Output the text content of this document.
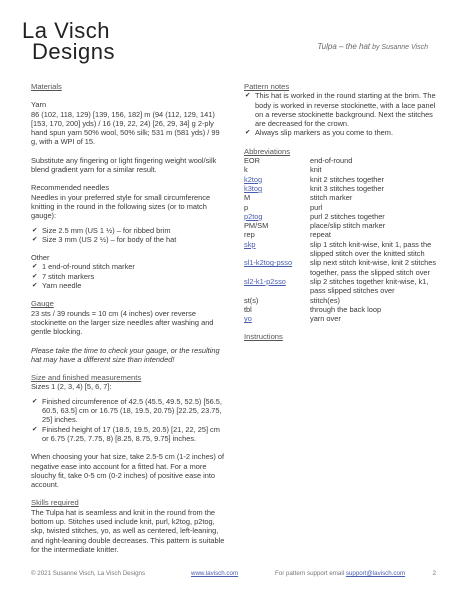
La Visch
Designs	Tulpa – the hat by Susanne Visch

Materials

Yarn

86 (102, 118, 129) [139, 156, 182] m (94 (112, 129, 141) [153, 170, 200] yds) / 16 (19, 22, 24) [26, 29, 34] g 2-ply hand spun yarn 50% wool, 50% silk; 531 m (581 yds) / 99 g, with a WPI of 15.

Substitute any fingering or light fingering weight wool/silk blend gradient yarn for a similar result.

Recommended needles

Needles in your preferred style for small circumference knitting in the round in the following sizes (or to match gauge):

✔ Size 2.5 mm (US 1 ½) – for ribbed brim
✔ Size 3 mm (US 2 ½) – for body of the hat

Other

✔ 1 end-of-round stitch marker
✔ 7 stitch markers
✔ Yarn needle

Gauge

23 sts / 39 rounds = 10 cm (4 inches) over reverse stockinette on the larger size needles after washing and gentle blocking.

Please take the time to check your gauge, or the resulting hat may have a different size than intended!

Size and finished measurements

Sizes 1 (2, 3, 4) [5, 6, 7]:

✔ Finished circumference of 42.5 (45.5, 49.5, 52.5) [56.5, 60.5, 63.5] cm or 16.75 (18, 19.5, 20.75) [22.25, 23.75, 25] inches.
✔ Finished height of 17 (18.5, 19.5, 20.5) [21, 22, 25] cm or 6.75 (7.25, 7.75, 8) [8.25, 8.75, 9.75] inches.

When choosing your hat size, take 2.5-5 cm (1-2 inches) of negative ease into account for a fitted hat. For a more slouchy fit, take 0-5 cm (0-2 inches) of positive ease into account.

Skills required

The Tulpa hat is seamless and knit in the round from the bottom up. Stitches used include knit, purl, k2tog, p2tog, skp, twisted stitches, yo, as well as centered, left-leaning, and right-leaning double decreases. This pattern is suitable for the intermediate knitter.

Pattern notes

✔ This hat is worked in the round starting at the brim. The body is worked in reverse stockinette, with a lace panel on a reverse stockinette background. Next the stitches are decreased for the crown.
✔ Always slip markers as you come to them.

Abbreviations

EOR	end-of-round
k	knit
k2tog	knit 2 stitches together
k3tog	knit 3 stitches together
M	stitch marker
p	purl
p2tog	purl 2 stitches together
PM/SM	place/slip stitch marker
rep	repeat
skp	slip 1 stitch knit-wise, knit 1, pass the slipped stitch over the knitted stitch
sl1-k2tog-psso	slip next stitch knit-wise, knit 2 stitches together, pass the slipped stitch over
sl2-k1-p2sso	slip 2 stitches together knit-wise, k1, pass slipped stitches over
st(s)	stitch(es)
tbl	through the back loop
yo	yarn over

Instructions

© 2021 Susanne Visch, La Visch Designs	www.lavisch.com	For pattern support email support@lavisch.com	2
